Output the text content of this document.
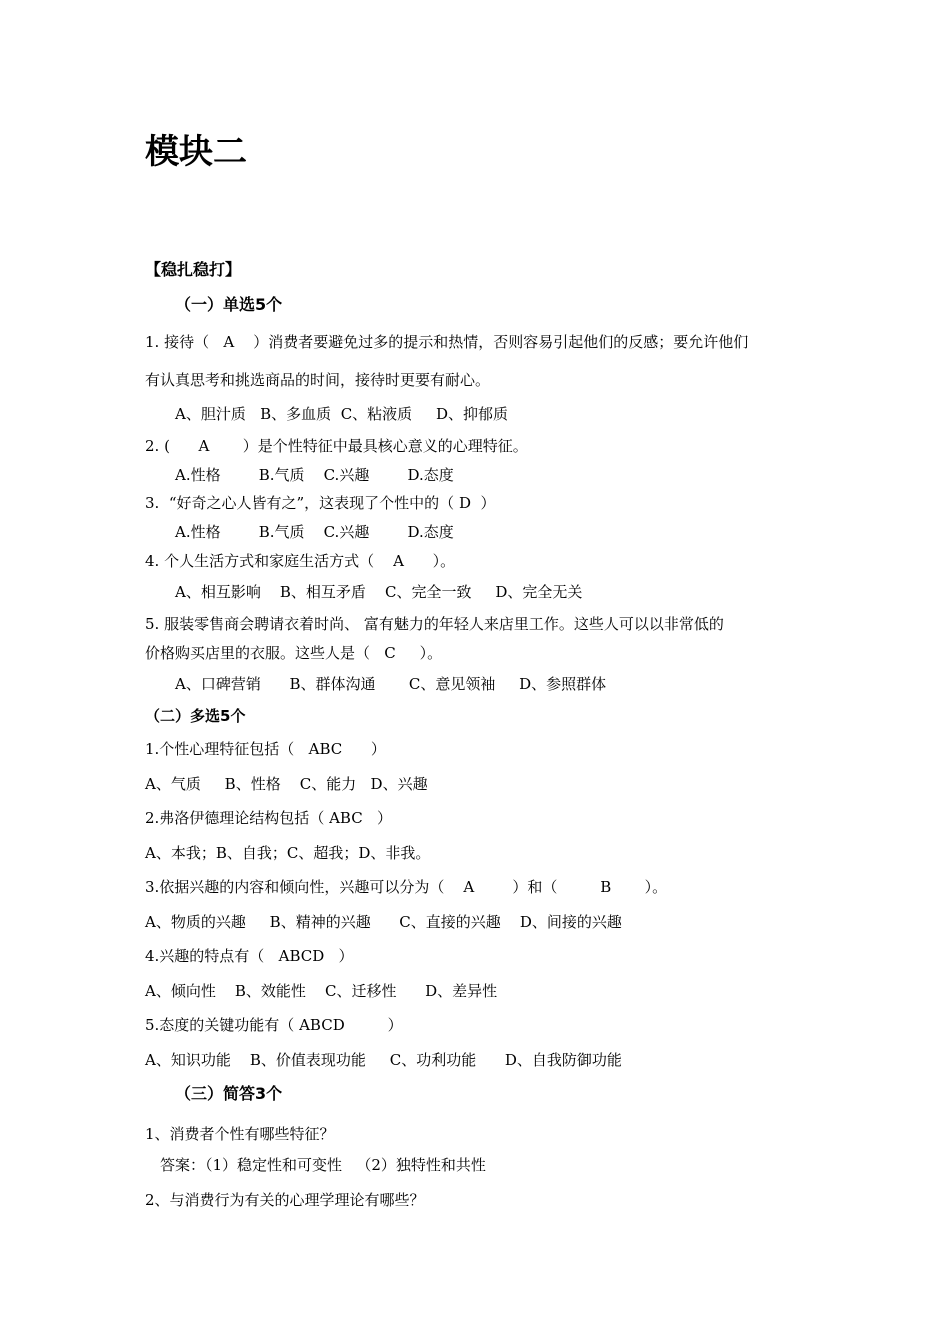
模块二
【稳扎稳打】
（一）单选5个
1. 接待（   A    ）消费者要避免过多的提示和热情，否则容易引起他们的反感；要允许他们
有认真思考和挑选商品的时间，接待时更要有耐心。
A、胆汁质   B、多血质  C、粘液质     D、抑郁质
2. (      A       ）是个性特征中最具核心意义的心理特征。
A.性格        B.气质    C.兴趣        D.态度
3.  “好奇之心人皆有之”，这表现了个性中的（ D  ）
A.性格        B.气质    C.兴趣        D.态度
4. 个人生活方式和家庭生活方式（    A      ）。
A、相互影响    B、相互矛盾    C、完全一致     D、完全无关
5. 服装零售商会聘请衣着时尚、 富有魅力的年轻人来店里工作。这些人可以以非常低的
价格购买店里的衣服。这些人是（   C     ）。
A、口碑营销      B、群体沟通       C、意见领袖     D、参照群体
（二）多选5个
1.个性心理特征包括（   ABC      ）
A、气质     B、性格    C、能力   D、兴趣
2.弗洛伊德理论结构包括（ ABC   ）
A、本我；B、自我；C、超我；D、非我。
3.依据兴趣的内容和倾向性，兴趣可以分为（    A        ）和（         B       ）。
A、物质的兴趣     B、精神的兴趣      C、直接的兴趣    D、间接的兴趣
4.兴趣的特点有（   ABCD   ）
A、倾向性    B、效能性    C、迁移性      D、差异性
5.态度的关键功能有（ ABCD         ）
A、知识功能    B、价值表现功能     C、功利功能      D、自我防御功能
（三）简答3个
1、消费者个性有哪些特征？
答案：（1）稳定性和可变性   （2）独特性和共性
2、与消费行为有关的心理学理论有哪些？
